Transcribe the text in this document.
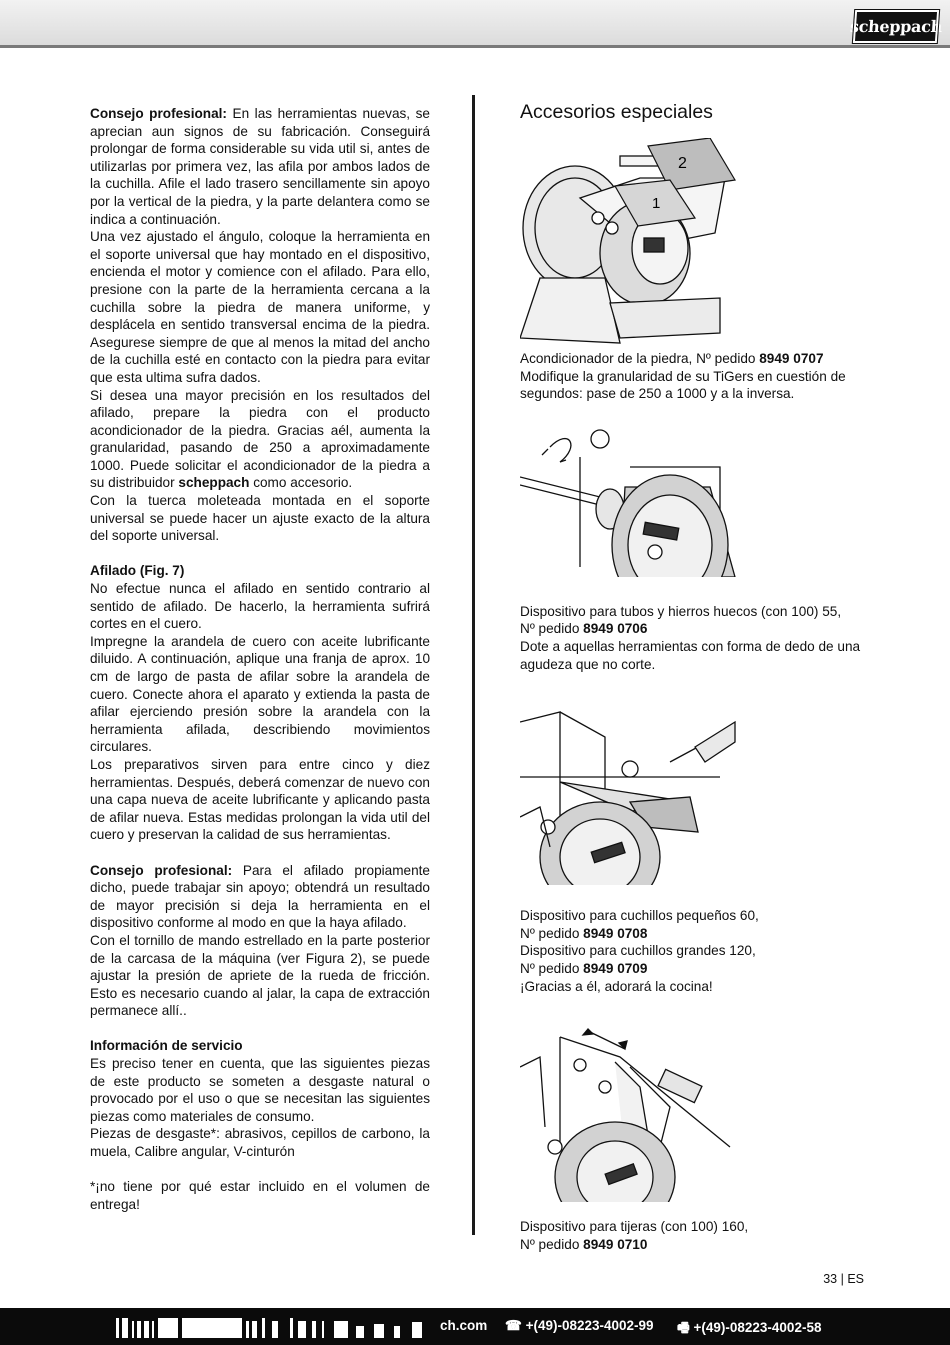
scheppach

Consejo profesional: En las herramientas nuevas, se aprecian aun signos de su fabricación. Conseguirá prolongar de forma considerable su vida util si, antes de utilizarlas por primera vez, las afila por ambos lados de la cuchilla. Afile el lado trasero sencillamente sin apoyo por la vertical de la piedra, y la parte delantera como se indica a continuación.

Una vez ajustado el ángulo, coloque la herramienta en el soporte universal que hay montado en el dispositivo, encienda el motor y comience con el afilado. Para ello, presione con la parte de la herramienta cercana a la cuchilla sobre la piedra de manera uniforme, y desplácela en sentido transversal encima de la piedra. Asegurese siempre de que al menos la mitad del ancho de la cuchilla esté en contacto con la piedra para evitar que esta ultima sufra dados.

Si desea una mayor precisión en los resultados del afilado, prepare la piedra con el producto acondicionador de la piedra. Gracias aél, aumenta la granularidad, pasando de 250 a aproximadamente 1000. Puede solicitar el acondicionador de la piedra a su distribuidor scheppach como accesorio.

Con la tuerca moleteada montada en el soporte universal se puede hacer un ajuste exacto de la altura del soporte universal.

Afilado (Fig. 7)

No efectue nunca el afilado en sentido contrario al sentido de afilado. De hacerlo, la herramienta sufrirá cortes en el cuero.

Impregne la arandela de cuero con aceite lubrificante diluido. A continuación, aplique una franja de aprox. 10 cm de largo de pasta de afilar sobre la arandela de cuero. Conecte ahora el aparato y extienda la pasta de afilar ejerciendo presión sobre la arandela con la herramienta afilada, describiendo movimientos circulares.

Los preparativos sirven para entre cinco y diez herramientas. Después, deberá comenzar de nuevo con una capa nueva de aceite lubrificante y aplicando pasta de afilar nueva. Estas medidas prolongan la vida util del cuero y preservan la calidad de sus herramientas.

Consejo profesional: Para el afilado propiamente dicho, puede trabajar sin apoyo; obtendrá un resultado de mayor precisión si deja la herramienta en el dispositivo conforme al modo en que la haya afilado.

Con el tornillo de mando estrellado en la parte posterior de la carcasa de la máquina (ver Figura 2), se puede ajustar la presión de apriete de la rueda de fricción. Esto es necesario cuando al jalar, la capa de extracción permanece allí..

Información de servicio

Es preciso tener en cuenta, que las siguientes piezas de este producto se someten a desgaste natural o provocado por el uso o que se necesitan las siguientes piezas como materiales de consumo.

Piezas de desgaste*: abrasivos, cepillos de carbono, la muela, Calibre angular, V-cinturón

*¡no tiene por qué estar incluido en el volumen de entrega!

Accesorios especiales
2
1

Acondicionador de la piedra, Nº pedido 8949 0707

Modifique la granularidad de su TiGers en cuestión de segundos: pase de 250 a 1000 y a la inversa.

Dispositivo para tubos y hierros huecos (con 100) 55,

Nº pedido 8949 0706

Dote a aquellas herramientas con forma de dedo de una agudeza que no corte.

Dispositivo para cuchillos pequeños 60,

Nº pedido 8949 0708

Dispositivo para cuchillos grandes 120,

Nº pedido 8949 0709

¡Gracias a él, adorará la cocina!

Dispositivo para tijeras (con 100) 160,

Nº pedido 8949 0710

33 | ES
ch.com ☎ +(49)-08223-4002-99 🖷 +(49)-08223-4002-58
